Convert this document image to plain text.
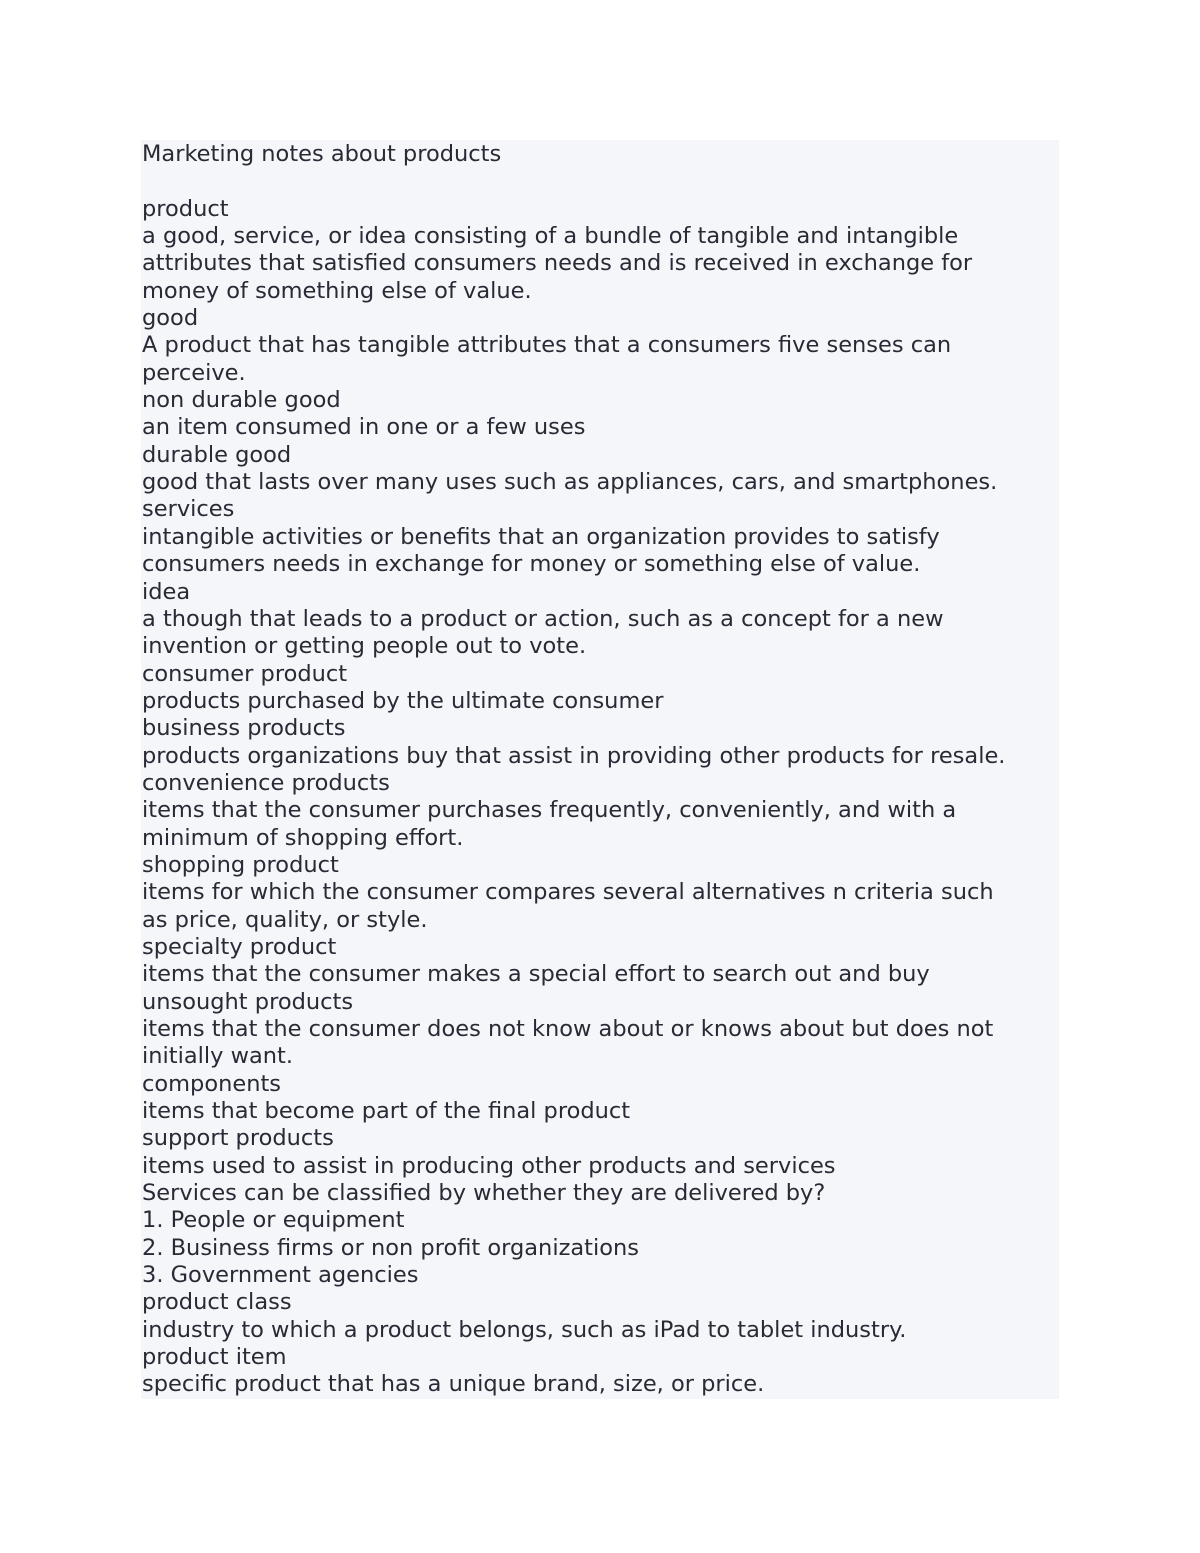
Marketing notes about products

product

a good, service, or idea consisting of a bundle of tangible and intangible

attributes that satisfied consumers needs and is received in exchange for

money of something else of value.

good

A product that has tangible attributes that a consumers five senses can

perceive.

non durable good

an item consumed in one or a few uses

durable good

good that lasts over many uses such as appliances, cars, and smartphones.

services

intangible activities or benefits that an organization provides to satisfy

consumers needs in exchange for money or something else of value.

idea

a though that leads to a product or action, such as a concept for a new

invention or getting people out to vote.

consumer product

products purchased by the ultimate consumer

business products

products organizations buy that assist in providing other products for resale.

convenience products

items that the consumer purchases frequently, conveniently, and with a

minimum of shopping effort.

shopping product

items for which the consumer compares several alternatives n criteria such

as price, quality, or style.

specialty product

items that the consumer makes a special effort to search out and buy

unsought products

items that the consumer does not know about or knows about but does not

initially want.

components

items that become part of the final product

support products

items used to assist in producing other products and services

Services can be classified by whether they are delivered by?

1. People or equipment

2. Business firms or non profit organizations

3. Government agencies

product class

industry to which a product belongs, such as iPad to tablet industry.

product item

specific product that has a unique brand, size, or price.
